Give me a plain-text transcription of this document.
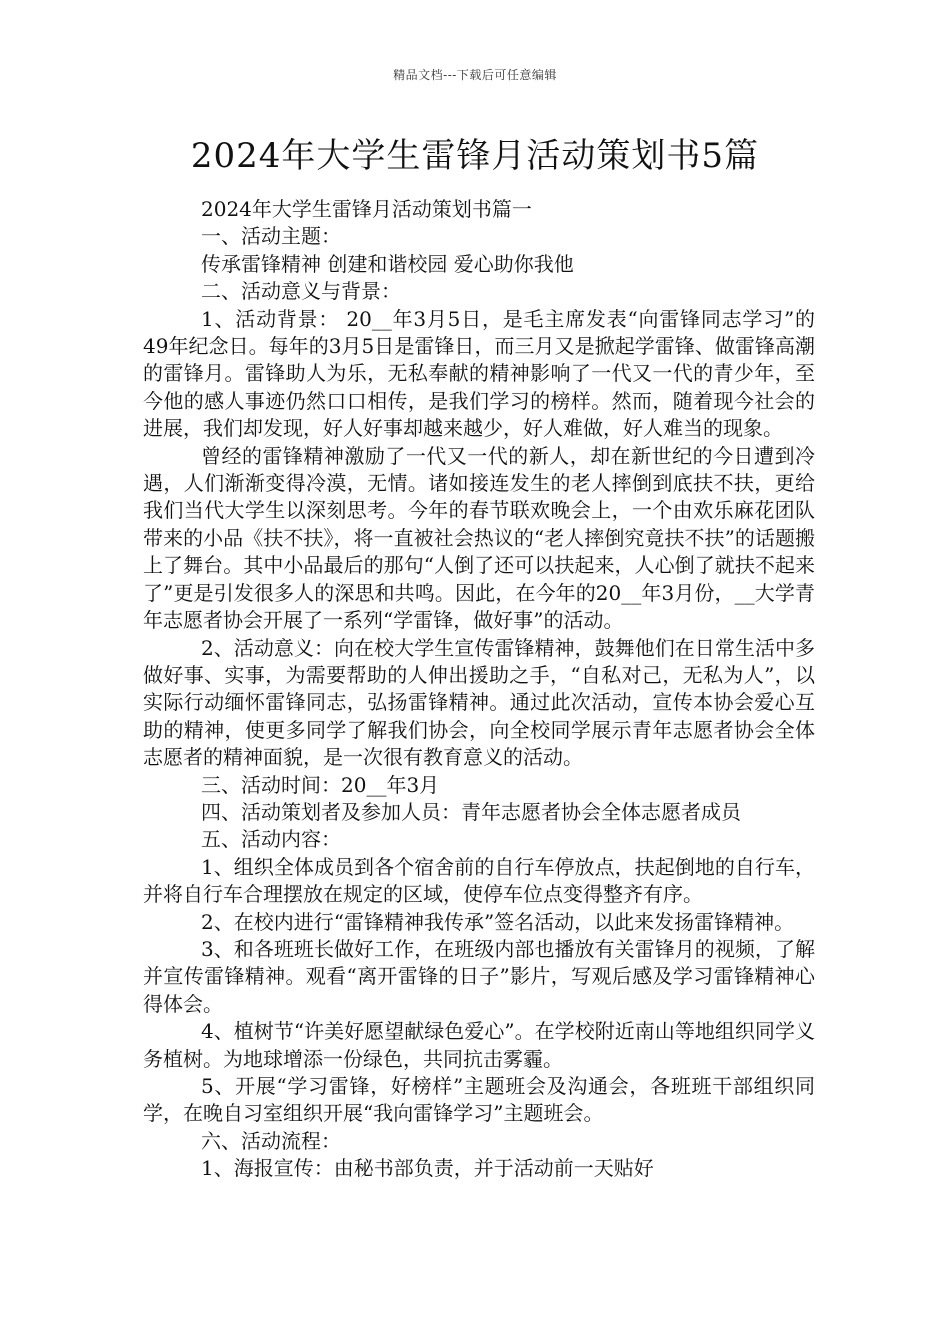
精品文档---下载后可任意编辑
2024年大学生雷锋月活动策划书5篇

2024年大学生雷锋月活动策划书篇一

一、活动主题：

传承雷锋精神 创建和谐校园 爱心助你我他

二、活动意义与背景：

1、活动背景： 20__年3月5日，是毛主席发表“向雷锋同志学习”的49年纪念日。每年的3月5日是雷锋日，而三月又是掀起学雷锋、做雷锋高潮的雷锋月。雷锋助人为乐，无私奉献的精神影响了一代又一代的青少年，至今他的感人事迹仍然口口相传，是我们学习的榜样。然而，随着现今社会的进展，我们却发现，好人好事却越来越少，好人难做，好人难当的现象。

曾经的雷锋精神激励了一代又一代的新人，却在新世纪的今日遭到冷遇，人们渐渐变得冷漠，无情。诸如接连发生的老人摔倒到底扶不扶，更给我们当代大学生以深刻思考。今年的春节联欢晚会上，一个由欢乐麻花团队带来的小品《扶不扶》，将一直被社会热议的“老人摔倒究竟扶不扶”的话题搬上了舞台。其中小品最后的那句“人倒了还可以扶起来，人心倒了就扶不起来了”更是引发很多人的深思和共鸣。因此，在今年的20__年3月份，__大学青年志愿者协会开展了一系列“学雷锋，做好事”的活动。

2、活动意义：向在校大学生宣传雷锋精神，鼓舞他们在日常生活中多做好事、实事，为需要帮助的人伸出援助之手，“自私对己，无私为人”，以实际行动缅怀雷锋同志，弘扬雷锋精神。通过此次活动，宣传本协会爱心互助的精神，使更多同学了解我们协会，向全校同学展示青年志愿者协会全体志愿者的精神面貌，是一次很有教育意义的活动。

三、活动时间：20__年3月

四、活动策划者及参加人员：青年志愿者协会全体志愿者成员

五、活动内容：

1、组织全体成员到各个宿舍前的自行车停放点，扶起倒地的自行车，并将自行车合理摆放在规定的区域，使停车位点变得整齐有序。

2、在校内进行“雷锋精神我传承”签名活动，以此来发扬雷锋精神。

3、和各班班长做好工作，在班级内部也播放有关雷锋月的视频，了解并宣传雷锋精神。观看“离开雷锋的日子”影片，写观后感及学习雷锋精神心得体会。

4、植树节“许美好愿望献绿色爱心”。在学校附近南山等地组织同学义务植树。为地球增添一份绿色，共同抗击雾霾。

5、开展“学习雷锋，好榜样”主题班会及沟通会，各班班干部组织同学，在晚自习室组织开展“我向雷锋学习”主题班会。

六、活动流程：

1、海报宣传：由秘书部负责，并于活动前一天贴好
